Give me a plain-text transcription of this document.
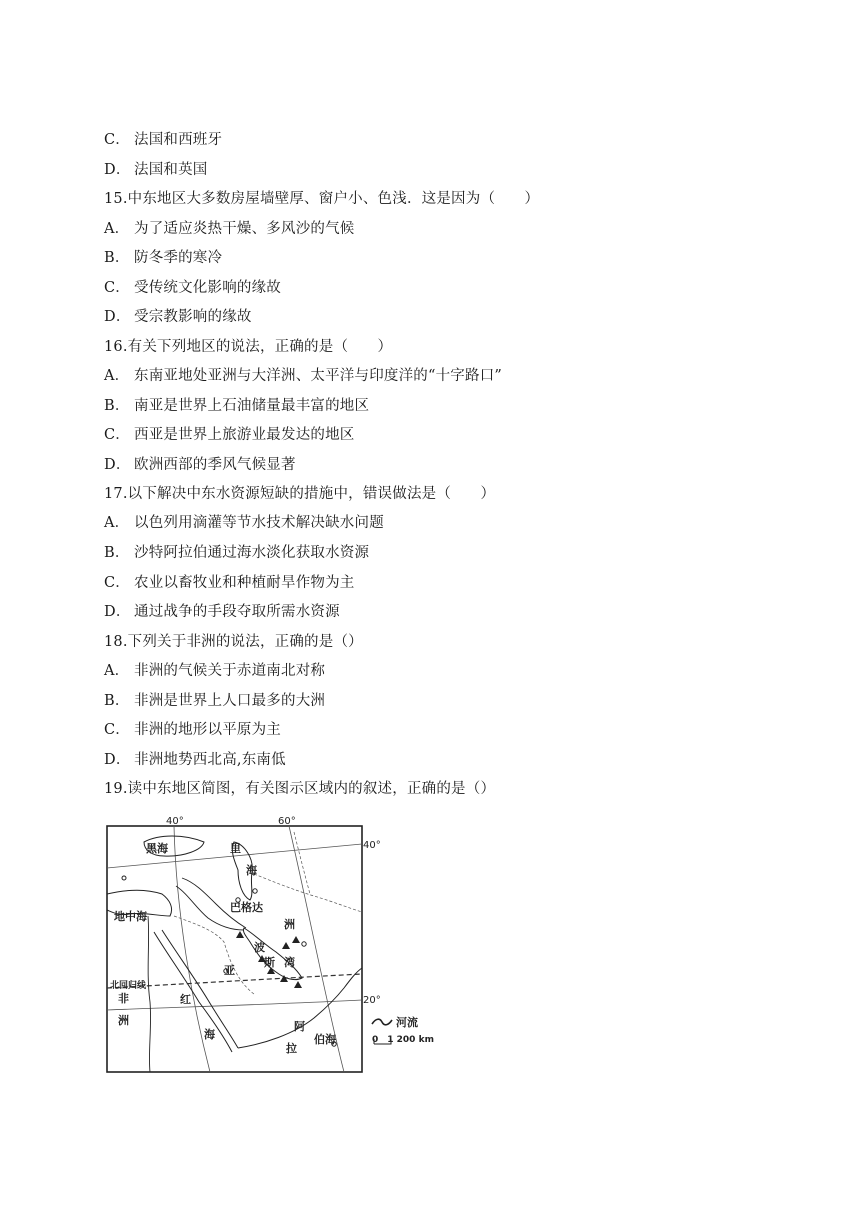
C． 法国和西班牙
D． 法国和英国
15.中东地区大多数房屋墙壁厚、窗户小、色浅．这是因为（　　）
A． 为了适应炎热干燥、多风沙的气候
B． 防冬季的寒冷
C． 受传统文化影响的缘故
D． 受宗教影响的缘故
16.有关下列地区的说法，正确的是（　　）
A． 东南亚地处亚洲与大洋洲、太平洋与印度洋的“十字路口”
B． 南亚是世界上石油储量最丰富的地区
C． 西亚是世界上旅游业最发达的地区
D． 欧洲西部的季风气候显著
17.以下解决中东水资源短缺的措施中，错误做法是（　　）
A． 以色列用滴灌等节水技术解决缺水问题
B． 沙特阿拉伯通过海水淡化获取水资源
C． 农业以畜牧业和种植耐旱作物为主
D． 通过战争的手段夺取所需水资源
18.下列关于非洲的说法，正确的是（）
A． 非洲的气候关于赤道南北对称
B． 非洲是世界上人口最多的大洲
C． 非洲的地形以平原为主
D． 非洲地势西北高,东南低
19.读中东地区简图，有关图示区域内的叙述，正确的是（）
40°	60°
40°
20°
黑海	里
海
地中海
巴格达
洲
波
斯 湾
亚
北回归线
非
洲
红
海	伯海
拉
阿	河流
0　1 200 km
